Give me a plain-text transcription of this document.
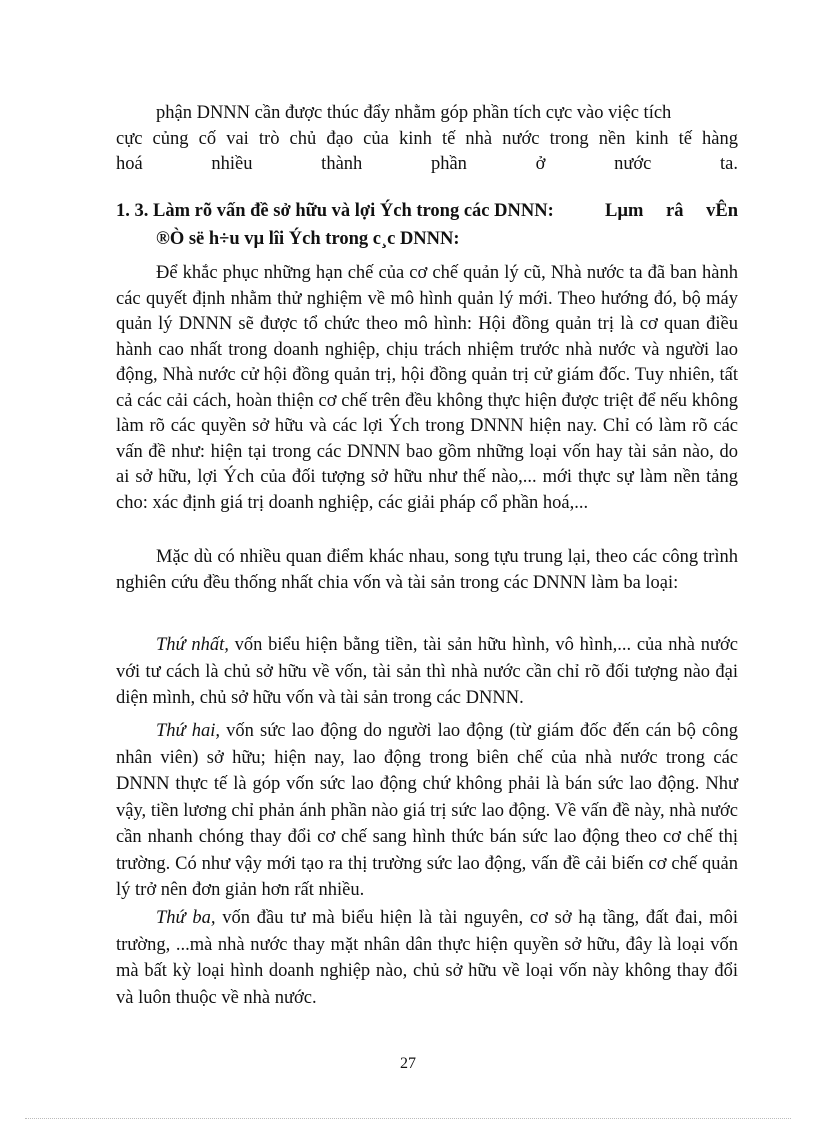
phận DNNN cần được thúc đẩy nhằm góp phần tích cực vào việc tích
cực củng cố vai trò chủ đạo của kinh tế nhà nước trong nền kinh tế hàng
hoá nhiều thành phần ở nước ta.

1. 3. Làm rõ vấn đề sở hữu và lợi Ých trong các DNNN:	Lµm râ vÊn
®Ò së h÷u vµ lîi Ých trong c¸c DNNN:

Để khắc phục những hạn chế của cơ chế quản lý cũ, Nhà nước ta đã ban hành các quyết định nhằm thử nghiệm về mô hình quản lý mới. Theo hướng đó, bộ máy quản lý DNNN sẽ được tổ chức theo mô hình: Hội đồng quản trị là cơ quan điều hành cao nhất trong doanh nghiệp, chịu trách nhiệm trước nhà nước và người lao động, Nhà nước cử hội đồng quản trị, hội đồng quản trị cử giám đốc. Tuy nhiên, tất cả các cải cách, hoàn thiện cơ chế trên đều không thực hiện được triệt để nếu không làm rõ các quyền sở hữu và các lợi Ých trong DNNN hiện nay. Chỉ có làm rõ các vấn đề như: hiện tại trong các DNNN bao gồm những loại vốn hay tài sản nào, do ai sở hữu, lợi Ých của đối tượng sở hữu như thế nào,... mới thực sự làm nền tảng cho: xác định giá trị doanh nghiệp, các giải pháp cổ phần hoá,...

Mặc dù có nhiều quan điểm khác nhau, song tựu trung lại, theo các công trình nghiên cứu đều thống nhất chia vốn và tài sản trong các DNNN làm ba loại:

Thứ nhất, vốn biểu hiện bằng tiền, tài sản hữu hình, vô hình,... của nhà nước với tư cách là chủ sở hữu về vốn, tài sản thì nhà nước cần chỉ rõ đối tượng nào đại diện mình, chủ sở hữu vốn và tài sản trong các DNNN.

Thứ hai, vốn sức lao động do người lao động (từ giám đốc đến cán bộ công nhân viên) sở hữu; hiện nay, lao động trong biên chế của nhà nước trong các DNNN thực tế là góp vốn sức lao động chứ không phải là bán sức lao động. Như vậy, tiền lương chỉ phản ánh phần nào giá trị sức lao động. Về vấn đề này, nhà nước cần nhanh chóng thay đổi cơ chế sang hình thức bán sức lao động theo cơ chế thị trường. Có như vậy mới tạo ra thị trường sức lao động, vấn đề cải biến cơ chế quản lý trở nên đơn giản hơn rất nhiều.

Thứ ba, vốn đầu tư mà biểu hiện là tài nguyên, cơ sở hạ tầng, đất đai, môi trường, ...mà nhà nước thay mặt nhân dân thực hiện quyền sở hữu, đây là loại vốn mà bất kỳ loại hình doanh nghiệp nào, chủ sở hữu về loại vốn này không thay đổi và luôn thuộc về nhà nước.

27
